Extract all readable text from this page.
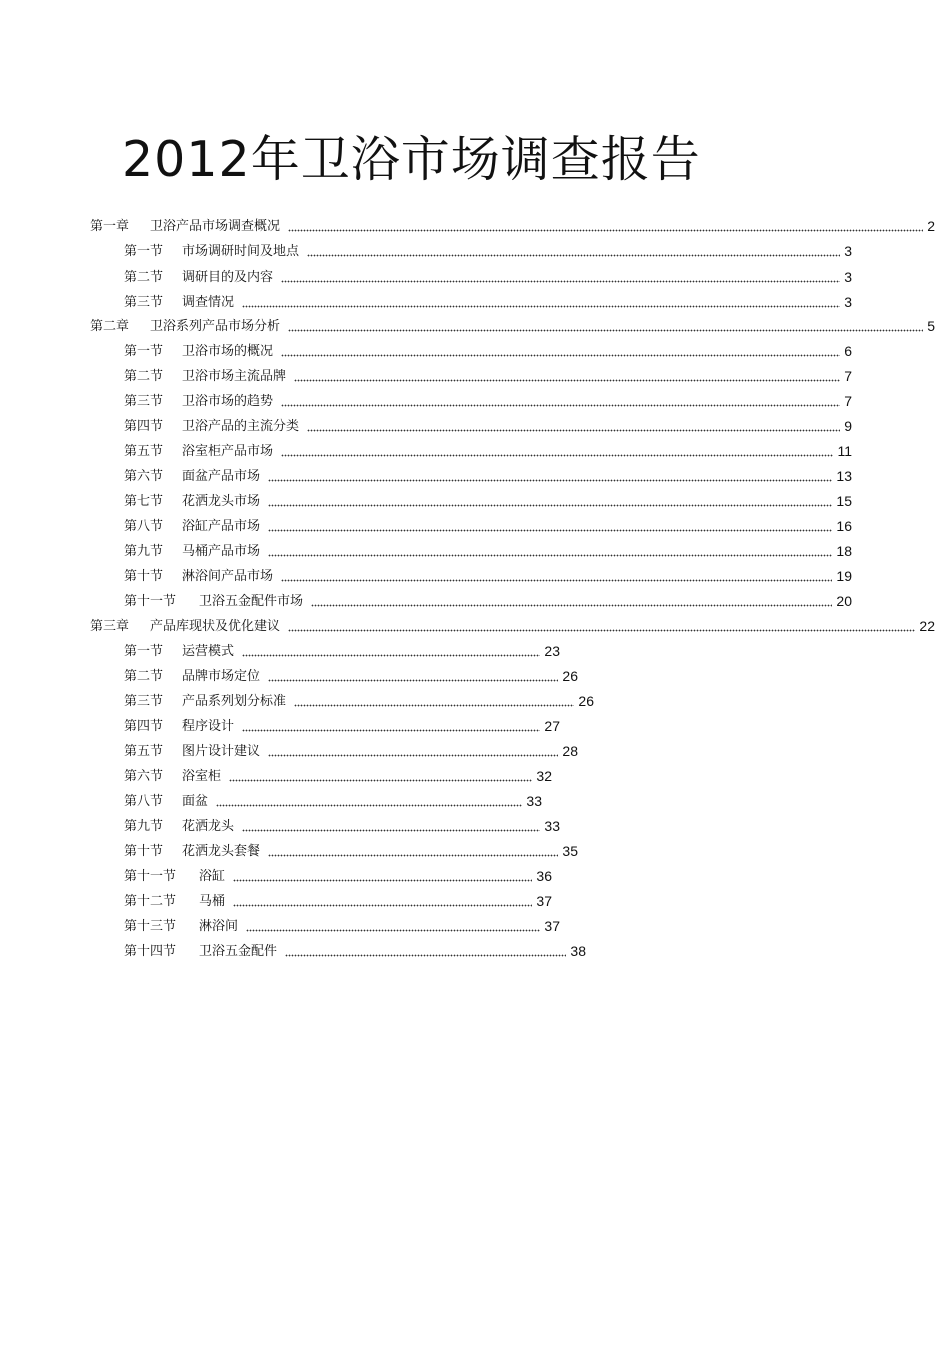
2012年卫浴市场调查报告
第一章	卫浴产品市场调查概况	2
第一节	市场调研时间及地点	3
第二节	调研目的及内容	3
第三节	调查情况	3
第二章	卫浴系列产品市场分析	5
第一节	卫浴市场的概况	6
第二节	卫浴市场主流品牌	7
第三节	卫浴市场的趋势	7
第四节	卫浴产品的主流分类	9
第五节	浴室柜产品市场	11
第六节	面盆产品市场	13
第七节	花洒龙头市场	15
第八节	浴缸产品市场	16
第九节	马桶产品市场	18
第十节	淋浴间产品市场	19
第十一节	卫浴五金配件市场	20
第三章	产品库现状及优化建议	22
第一节	运营模式	23
第二节	品牌市场定位	26
第三节	产品系列划分标准	26
第四节	程序设计	27
第五节	图片设计建议	28
第六节	浴室柜	32
第八节	面盆	33
第九节	花洒龙头	33
第十节	花洒龙头套餐	35
第十一节	浴缸	36
第十二节	马桶	37
第十三节	淋浴间	37
第十四节	卫浴五金配件	38
